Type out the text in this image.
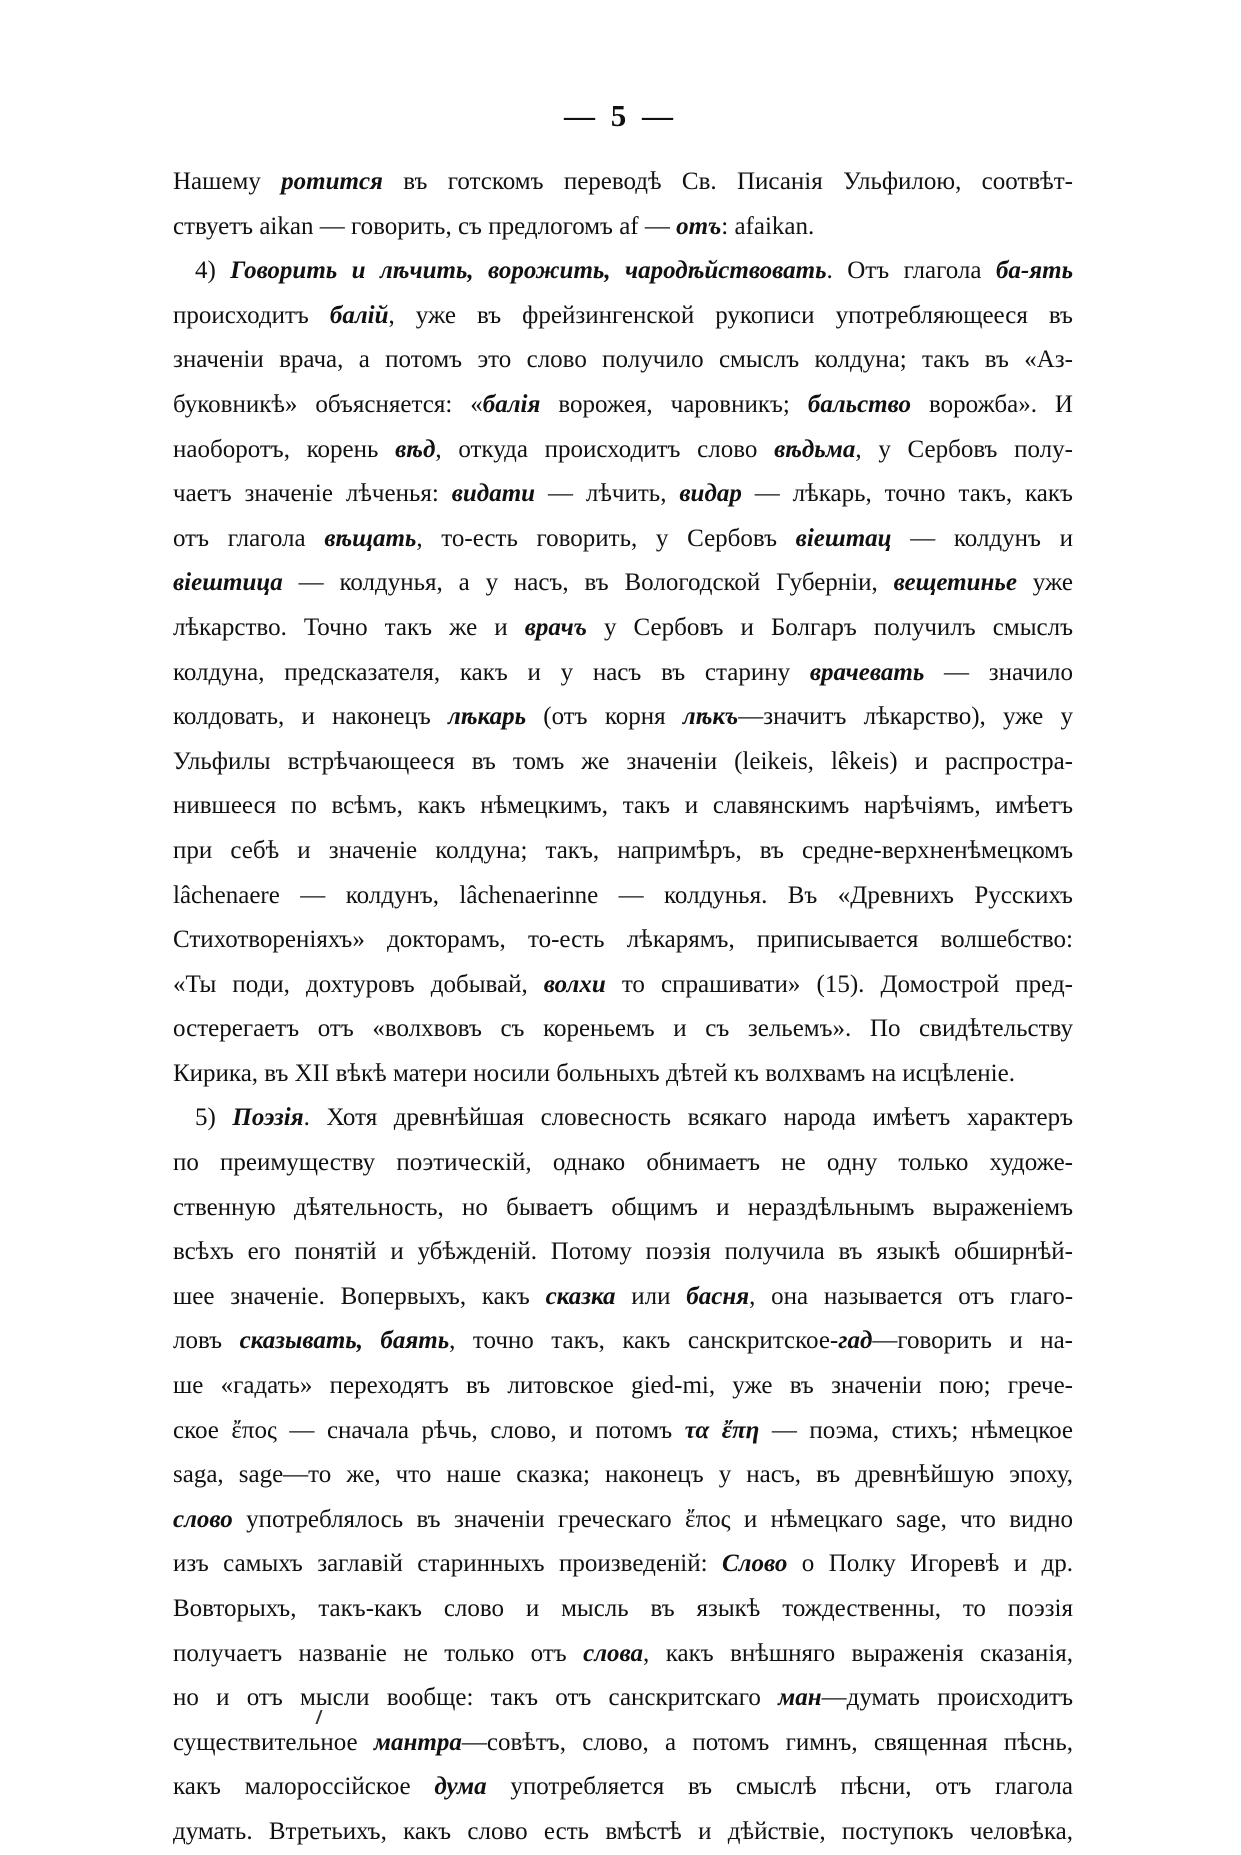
— 5 —
Нашему ротится въ готскомъ переводѣ Св. Писанія Ульфилою, соотвѣт-
ствуетъ aikan — говорить, съ предлогомъ af — отъ: afaikan.
4) Говорить и лѣчить, ворожить, чародѣйствовать. Отъ глагола ба-ять
происходитъ балій, уже въ фрейзингенской рукописи употребляющееся въ
значеніи врача, а потомъ это слово получило смыслъ колдуна; такъ въ «Аз-
буковникѣ» объясняется: «балія ворожея, чаровникъ; бальство ворожба». И
наоборотъ, корень вѣд, откуда происходитъ слово вѣдьма, у Сербовъ полу-
чаетъ значеніе лѣченья: видати — лѣчить, видар — лѣкарь, точно такъ, какъ
отъ глагола вѣщать, то-есть говорить, у Сербовъ віештац — колдунъ и
віештица — колдунья, а у насъ, въ Вологодской Губерніи, вещетинье уже
лѣкарство. Точно такъ же и врачъ у Сербовъ и Болгаръ получилъ смыслъ
колдуна, предсказателя, какъ и у насъ въ старину врачевать — значило
колдовать, и наконецъ лѣкарь (отъ корня лѣкъ—значитъ лѣкарство), уже у
Ульфилы встрѣчающееся въ томъ же значеніи (leikeis, lêkeis) и распростра-
нившееся по всѣмъ, какъ нѣмецкимъ, такъ и славянскимъ нарѣчіямъ, имѣетъ
при себѣ и значеніе колдуна; такъ, напримѣръ, въ средне-верхненѣмецкомъ
lâchenaere — колдунъ, lâchenaerinne — колдунья. Въ «Древнихъ Русскихъ
Стихотвореніяхъ» докторамъ, то-есть лѣкарямъ, приписывается волшебство:
«Ты поди, дохтуровъ добывай, волхи то спрашивати» (15). Домострой пред-
остерегаетъ отъ «волхвовъ съ кореньемъ и съ зельемъ». По свидѣтельству
Кирика, въ XII вѣкѣ матери носили больныхъ дѣтей къ волхвамъ на исцѣленіе.
5) Поэзія. Хотя древнѣйшая словесность всякаго народа имѣетъ характеръ
по преимуществу поэтическій, однако обнимаетъ не одну только художе-
ственную дѣятельность, но бываетъ общимъ и нераздѣльнымъ выраженіемъ
всѣхъ его понятій и убѣжденій. Потому поэзія получила въ языкѣ обширнѣй-
шее значеніе. Вопервыхъ, какъ сказка или басня, она называется отъ глаго-
ловъ сказывать, баять, точно такъ, какъ санскритское-гад—говорить и на-
ше «гадать» переходятъ въ литовское gied-mi, уже въ значеніи пою; грече-
ское ἔπος — сначала рѣчь, слово, и потомъ τα ἔπη — поэма, стихъ; нѣмецкое
saga, sage—то же, что наше сказка; наконецъ у насъ, въ древнѣйшую эпоху,
слово употреблялось въ значеніи греческаго ἔπος и нѣмецкаго sage, что видно
изъ самыхъ заглавій старинныхъ произведеній: Слово о Полку Игоревѣ и др.
Вовторыхъ, такъ-какъ слово и мысль въ языкѣ тождественны, то поэзія
получаетъ названіе не только отъ слова, какъ внѣшняго выраженія сказанія,
но и отъ мысли вообще: такъ отъ санскритскаго ман—думать происходитъ
существительное мантра—совѣтъ, слово, а потомъ гимнъ, священная пѣснь,
какъ малороссійское дума употребляется въ смыслѣ пѣсни, отъ глагола
думать. Втретьихъ, какъ слово есть вмѣстѣ и дѣйствіе, поступокъ человѣка,
